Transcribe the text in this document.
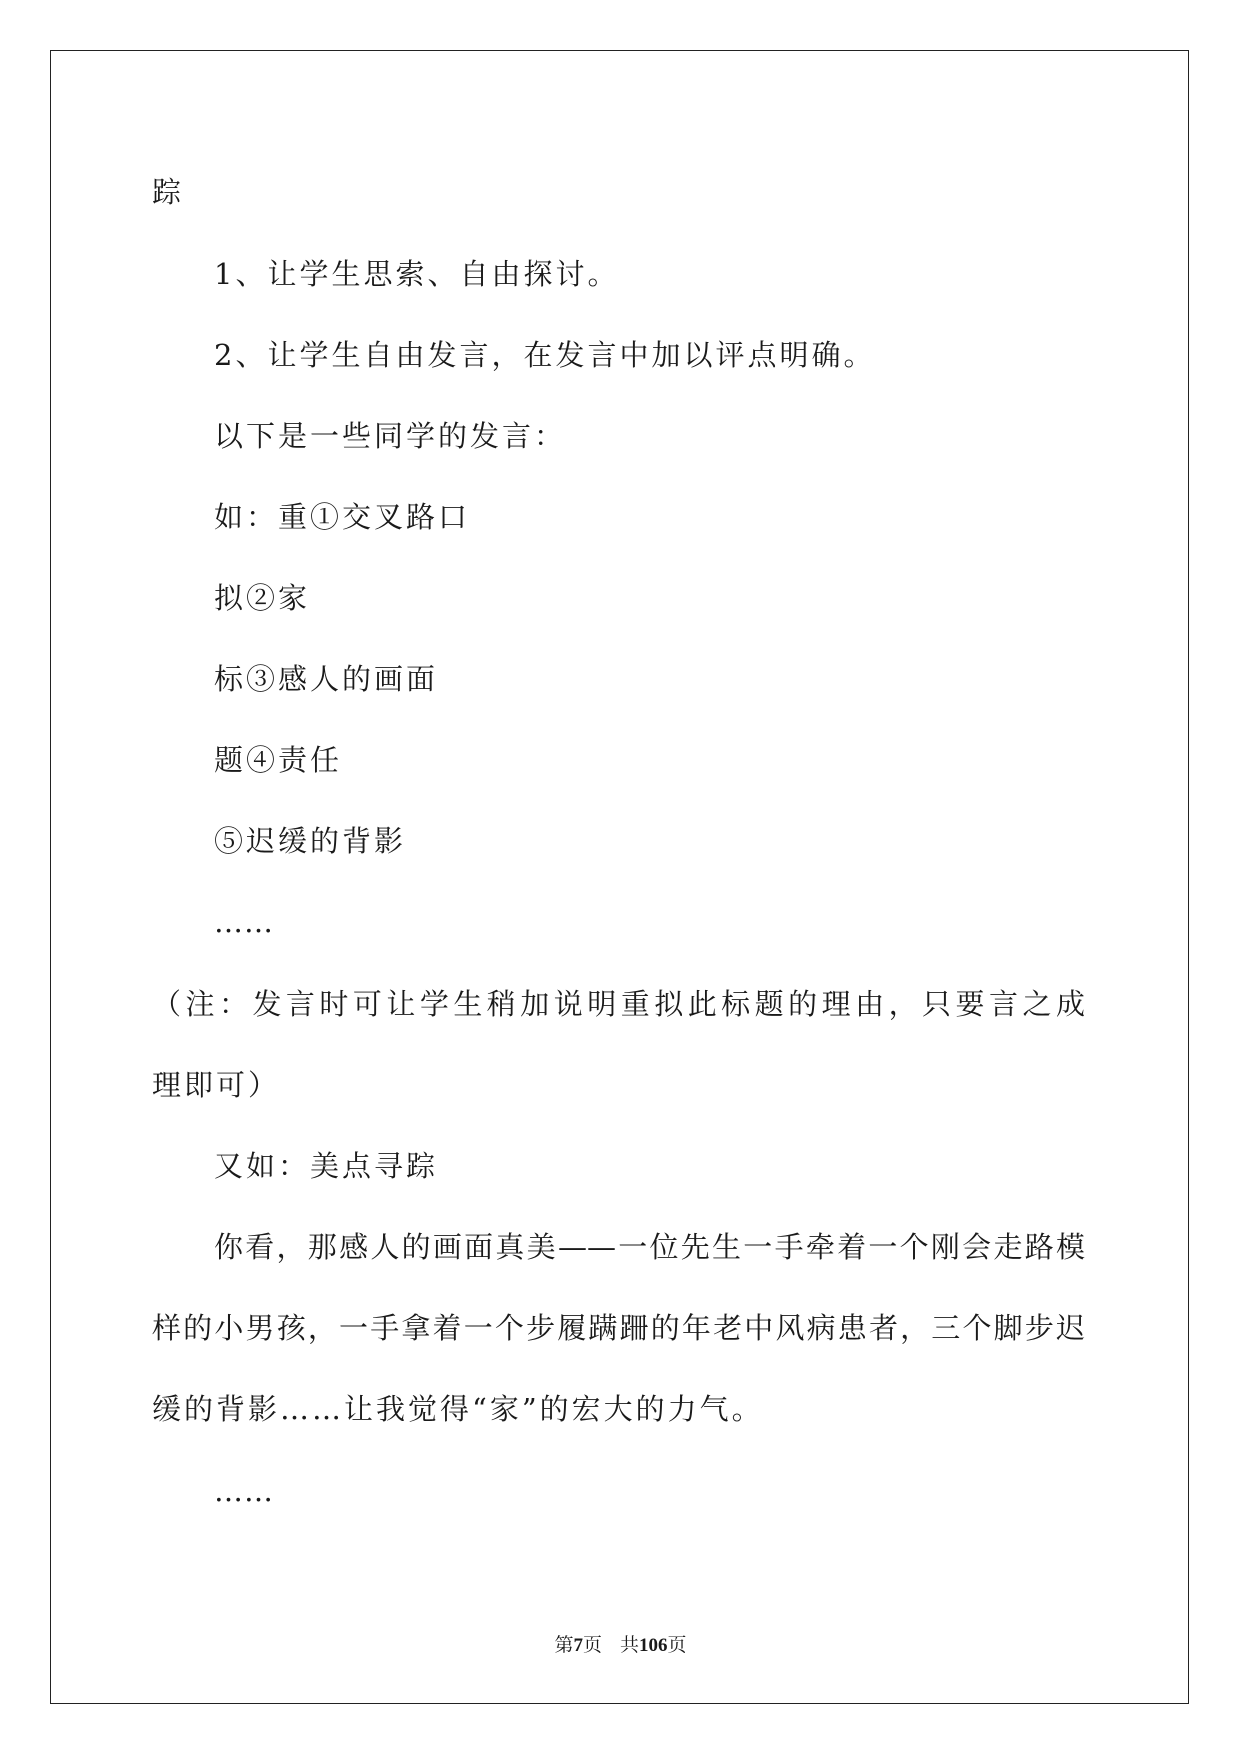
踪
1、让学生思索、自由探讨。
2、让学生自由发言，在发言中加以评点明确。
以下是一些同学的发言：
如：重①交叉路口
拟②家
标③感人的画面
题④责任
⑤迟缓的背影
……
（注：发言时可让学生稍加说明重拟此标题的理由，只要言之成
理即可）
又如：美点寻踪
你看，那感人的画面真美——一位先生一手牵着一个刚会走路模
样的小男孩，一手拿着一个步履蹒跚的年老中风病患者，三个脚步迟
缓的背影……让我觉得“家”的宏大的力气。
……
第7页 共106页
